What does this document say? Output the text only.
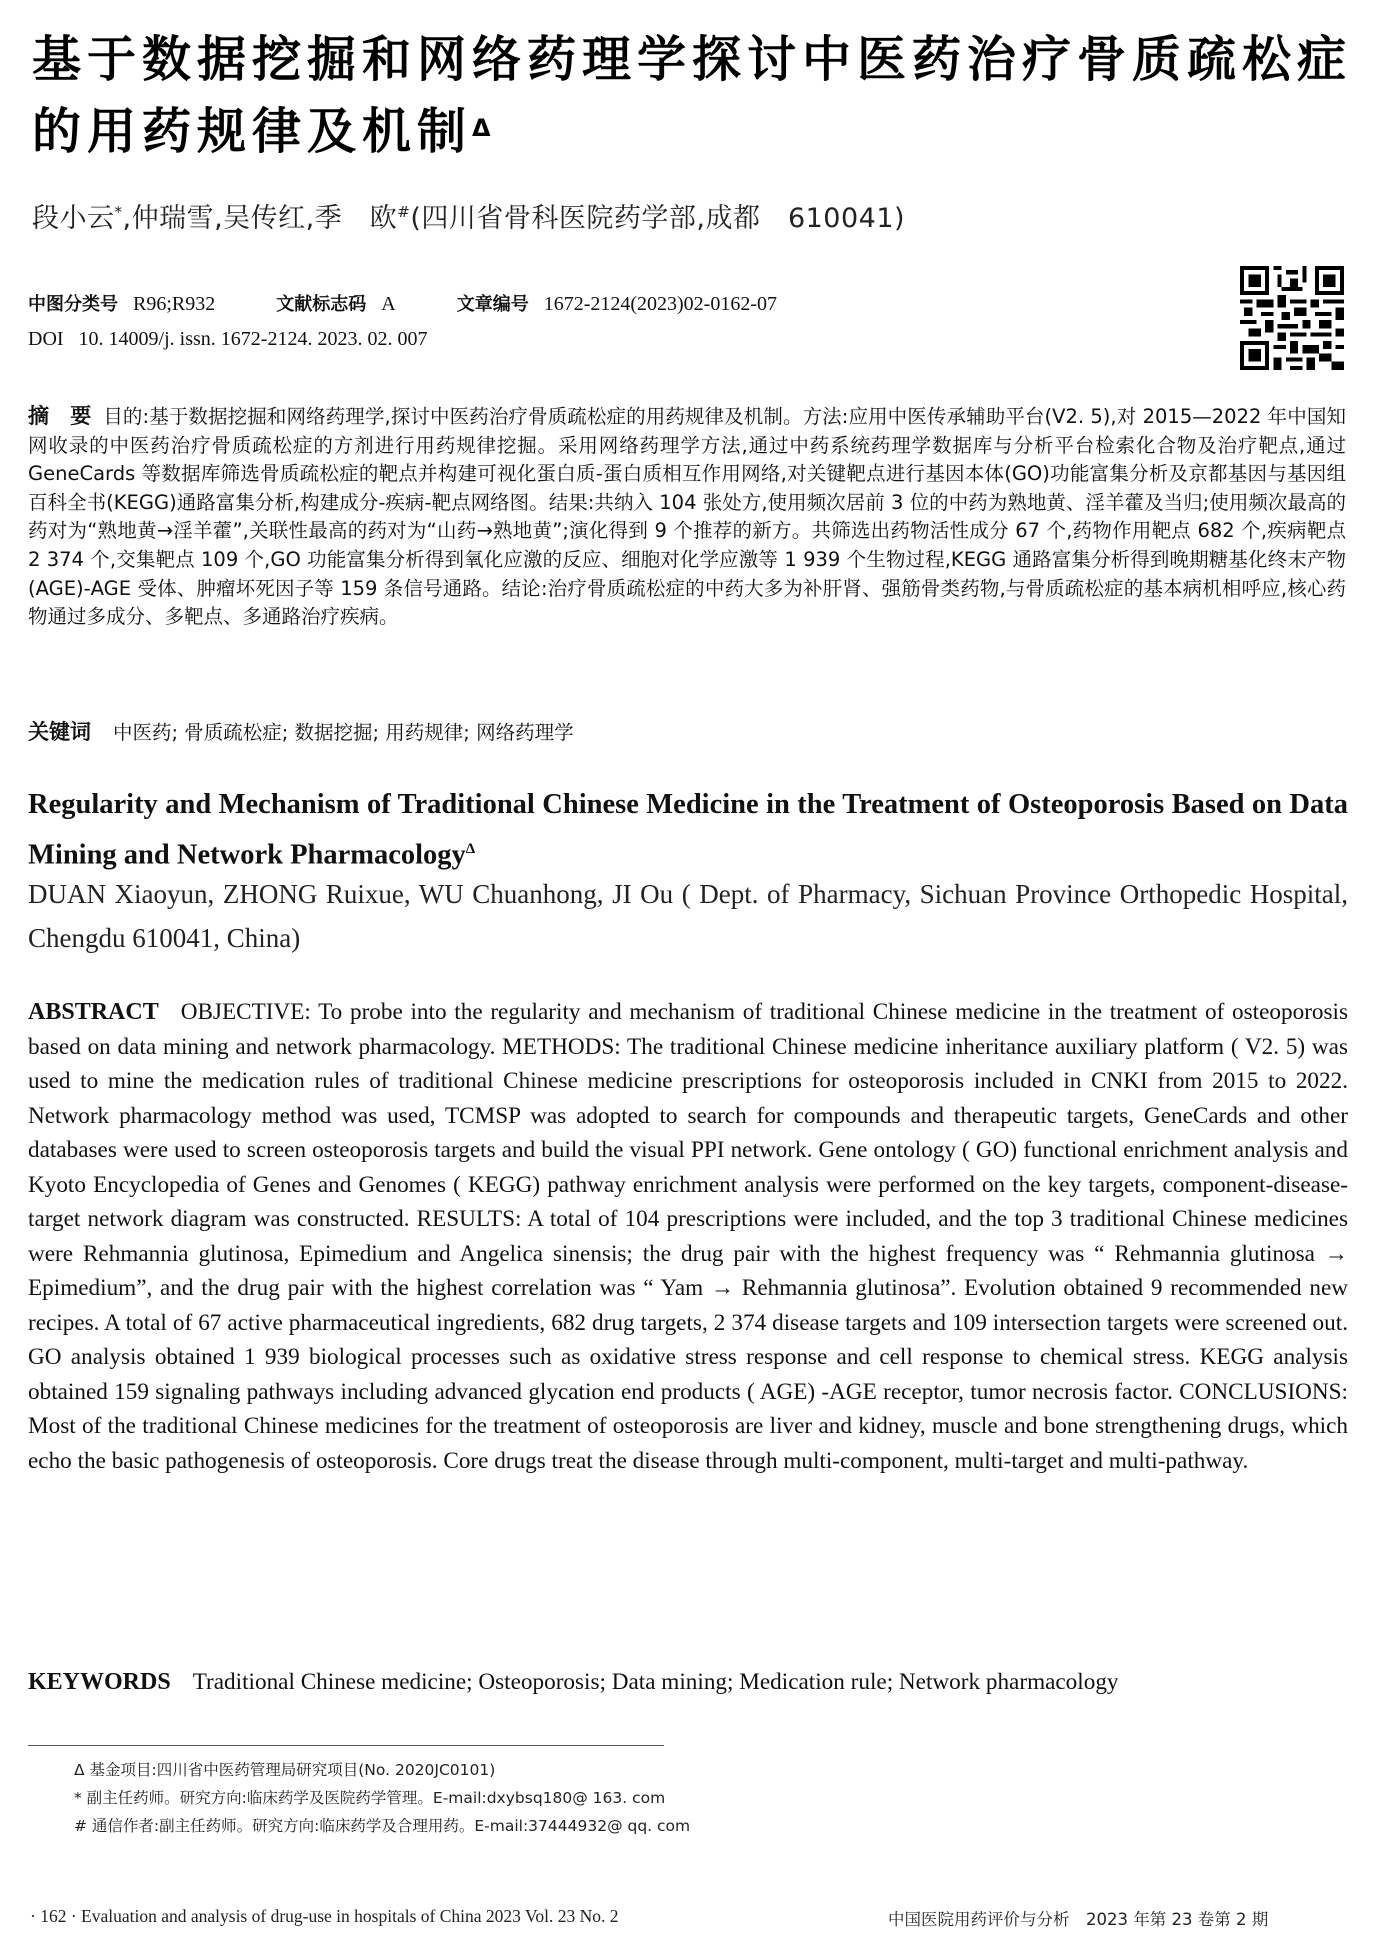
基于数据挖掘和网络药理学探讨中医药治疗骨质疏松症的用药规律及机制$^\Delta$
段小云*,仲瑞雪,吴传红,季　欧#(四川省骨科医院药学部,成都　610041)
中图分类号 R96;R932	文献标志码 A	文章编号 1672-2124(2023)02-0162-07
DOI 10. 14009/j. issn. 1672-2124. 2023. 02. 007
摘　要 目的:基于数据挖掘和网络药理学,探讨中医药治疗骨质疏松症的用药规律及机制。方法:应用中医传承辅助平台(V2. 5),对 2015—2022 年中国知网收录的中医药治疗骨质疏松症的方剂进行用药规律挖掘。采用网络药理学方法,通过中药系统药理学数据库与分析平台检索化合物及治疗靶点,通过 GeneCards 等数据库筛选骨质疏松症的靶点并构建可视化蛋白质-蛋白质相互作用网络,对关键靶点进行基因本体(GO)功能富集分析及京都基因与基因组百科全书(KEGG)通路富集分析,构建成分-疾病-靶点网络图。结果:共纳入 104 张处方,使用频次居前 3 位的中药为熟地黄、淫羊藿及当归;使用频次最高的药对为“熟地黄→淫羊藿”,关联性最高的药对为“山药→熟地黄”;演化得到 9 个推荐的新方。共筛选出药物活性成分 67 个,药物作用靶点 682 个,疾病靶点 2 374 个,交集靶点 109 个,GO 功能富集分析得到氧化应激的反应、细胞对化学应激等 1 939 个生物过程,KEGG 通路富集分析得到晚期糖基化终末产物(AGE)-AGE 受体、肿瘤坏死因子等 159 条信号通路。结论:治疗骨质疏松症的中药大多为补肝肾、强筋骨类药物,与骨质疏松症的基本病机相呼应,核心药物通过多成分、多靶点、多通路治疗疾病。
关键词 中医药; 骨质疏松症; 数据挖掘; 用药规律; 网络药理学
Regularity and Mechanism of Traditional Chinese Medicine in the Treatment of Osteoporosis Based on Data Mining and Network Pharmacology$^\Delta$
DUAN Xiaoyun, ZHONG Ruixue, WU Chuanhong, JI Ou ( Dept. of Pharmacy, Sichuan Province Orthopedic Hospital, Chengdu 610041, China)
ABSTRACT OBJECTIVE: To probe into the regularity and mechanism of traditional Chinese medicine in the treatment of osteoporosis based on data mining and network pharmacology. METHODS: The traditional Chinese medicine inheritance auxiliary platform ( V2. 5) was used to mine the medication rules of traditional Chinese medicine prescriptions for osteoporosis included in CNKI from 2015 to 2022. Network pharmacology method was used, TCMSP was adopted to search for compounds and therapeutic targets, GeneCards and other databases were used to screen osteoporosis targets and build the visual PPI network. Gene ontology ( GO) functional enrichment analysis and Kyoto Encyclopedia of Genes and Genomes ( KEGG) pathway enrichment analysis were performed on the key targets, component-disease-target network diagram was constructed. RESULTS: A total of 104 prescriptions were included, and the top 3 traditional Chinese medicines were Rehmannia glutinosa, Epimedium and Angelica sinensis; the drug pair with the highest frequency was “ Rehmannia glutinosa → Epimedium”, and the drug pair with the highest correlation was “ Yam → Rehmannia glutinosa”. Evolution obtained 9 recommended new recipes. A total of 67 active pharmaceutical ingredients, 682 drug targets, 2 374 disease targets and 109 intersection targets were screened out. GO analysis obtained 1 939 biological processes such as oxidative stress response and cell response to chemical stress. KEGG analysis obtained 159 signaling pathways including advanced glycation end products ( AGE) -AGE receptor, tumor necrosis factor. CONCLUSIONS: Most of the traditional Chinese medicines for the treatment of osteoporosis are liver and kidney, muscle and bone strengthening drugs, which echo the basic pathogenesis of osteoporosis. Core drugs treat the disease through multi-component, multi-target and multi-pathway.
KEYWORDS Traditional Chinese medicine; Osteoporosis; Data mining; Medication rule; Network pharmacology
Δ 基金项目:四川省中医药管理局研究项目(No. 2020JC0101)
* 副主任药师。研究方向:临床药学及医院药学管理。E-mail:dxybsq180@ 163. com
# 通信作者:副主任药师。研究方向:临床药学及合理用药。E-mail:37444932@ qq. com
· 162 · Evaluation and analysis of drug-use in hospitals of China 2023 Vol. 23 No. 2	中国医院用药评价与分析　2023 年第 23 卷第 2 期
